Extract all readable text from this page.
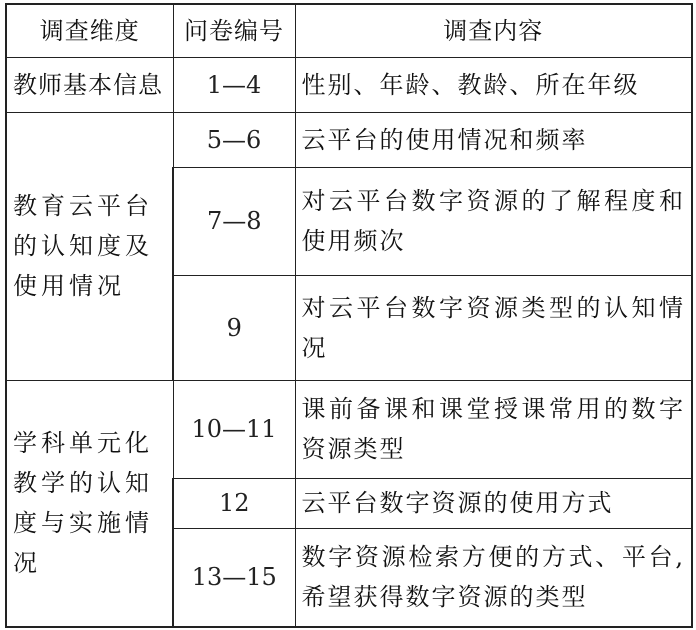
调查维度	问卷编号	调查内容
教师基本信息	1—4	性别、年龄、教龄、所在年级
教育云平台的认知度及使用情况	5—6	云平台的使用情况和频率
	7—8	对云平台数字资源的了解程度和使用频次
	9	对云平台数字资源类型的认知情况
学科单元化教学的认知度与实施情况	10—11	课前备课和课堂授课常用的数字资源类型
	12	云平台数字资源的使用方式
	13—15	数字资源检索方便的方式、平台,希望获得数字资源的类型
